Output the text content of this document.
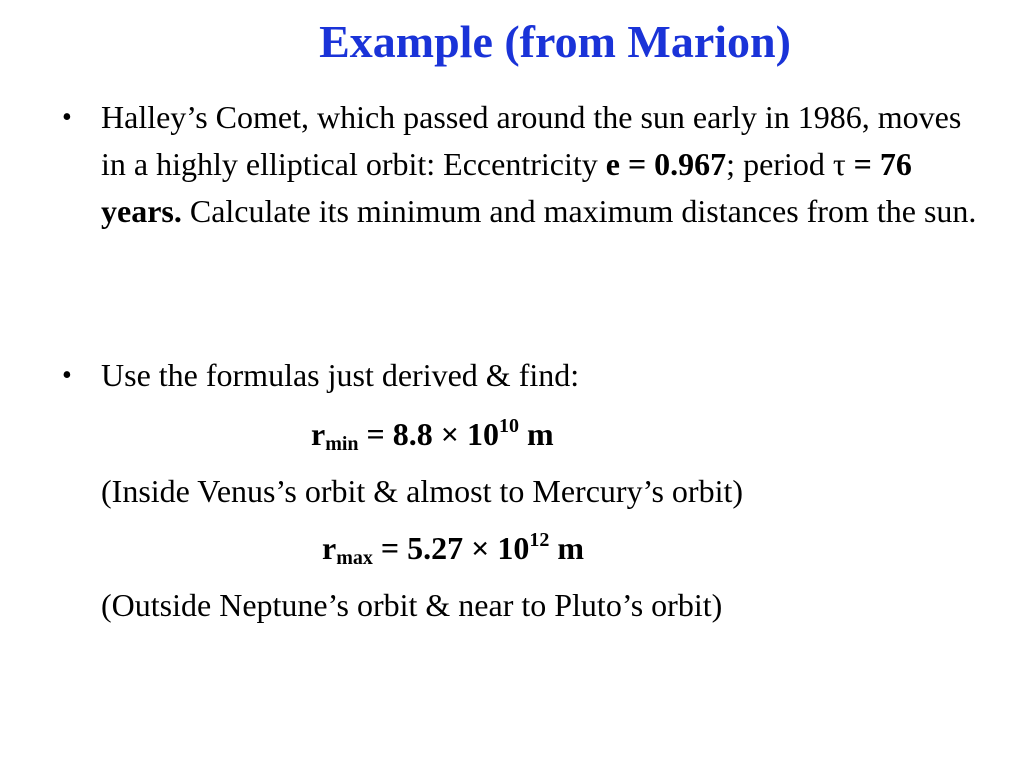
Example (from Marion)
• Halley’s Comet, which passed around the sun early in 1986, moves in a highly elliptical orbit: Eccentricity e = 0.967; period τ = 76 years. Calculate its minimum and maximum distances from the sun.
• Use the formulas just derived & find:
$r_{min} = 8.8 \times 10^{10}$ m
(Inside Venus’s orbit & almost to Mercury’s orbit)
$r_{max} = 5.27 \times 10^{12}$ m
(Outside Neptune’s orbit & near to Pluto’s orbit)
